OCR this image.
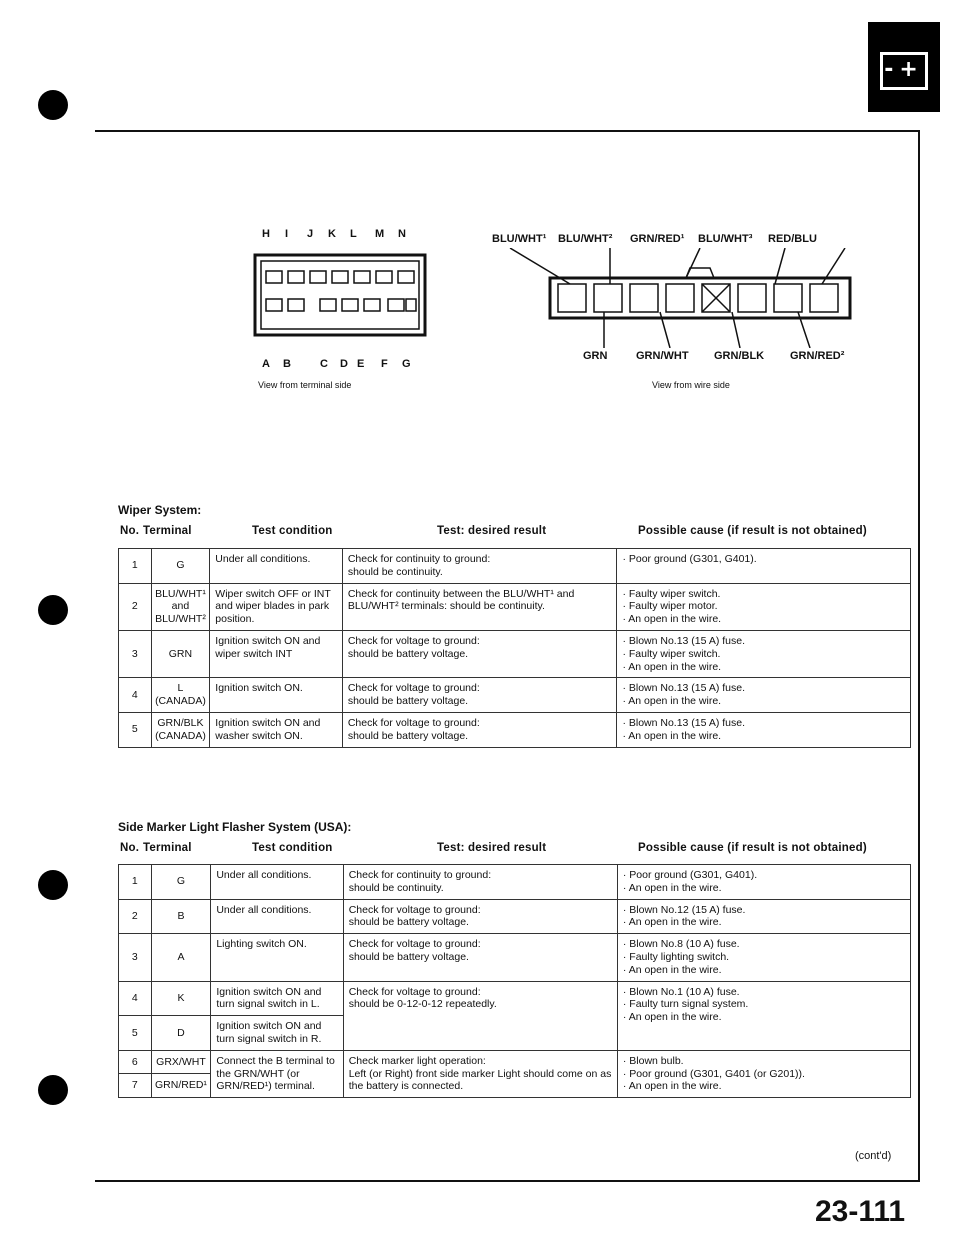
-+
H I J K L M N
A B	C D E F G
View from terminal side
BLU/WHT¹ BLU/WHT² GRN/RED¹ BLU/WHT³ RED/BLU
GRN	GRN/WHT GRN/BLK GRN/RED²
View from wire side
Wiper System:
No. Terminal	Test condition	Test: desired result	Possible cause (if result is not obtained)
1	G	Under all conditions.	Check for continuity to ground:
should be continuity.	· Poor ground (G301, G401).
2	BLU/WHT¹
and
BLU/WHT²	Wiper switch OFF or INT and wiper blades in park position.	Check for continuity between the BLU/WHT¹ and BLU/WHT² terminals: should be continuity.	· Faulty wiper switch.
· Faulty wiper motor.
· An open in the wire.
3	GRN	Ignition switch ON and wiper switch INT	Check for voltage to ground:
should be battery voltage.	· Blown No.13 (15 A) fuse.
· Faulty wiper switch.
· An open in the wire.
4	L
(CANADA)	Ignition switch ON.	Check for voltage to ground:
should be battery voltage.	· Blown No.13 (15 A) fuse.
· An open in the wire.
5	GRN/BLK
(CANADA)	Ignition switch ON and washer switch ON.	Check for voltage to ground:
should be battery voltage.	· Blown No.13 (15 A) fuse.
· An open in the wire.
Side Marker Light Flasher System (USA):
No. Terminal	Test condition	Test: desired result	Possible cause (if result is not obtained)
1	G	Under all conditions.	Check for continuity to ground:
should be continuity.	· Poor ground (G301, G401).
· An open in the wire.
2	B	Under all conditions.	Check for voltage to ground:
should be battery voltage.	· Blown No.12 (15 A) fuse.
· An open in the wire.
3	A	Lighting switch ON.	Check for voltage to ground:
should be battery voltage.	· Blown No.8 (10 A) fuse.
· Faulty lighting switch.
· An open in the wire.
4	K	Ignition switch ON and turn signal switch in L.	Check for voltage to ground:
should be 0-12-0-12 repeatedly.	· Blown No.1 (10 A) fuse.
· Faulty turn signal system.
· An open in the wire.
5	D	Ignition switch ON and turn signal switch in R.		
6	GRX/WHT	Connect the B terminal to the GRN/WHT (or GRN/RED¹) terminal.	Check marker light operation:
Left (or Right) front side marker Light should come on as the battery is connected.	· Blown bulb.
· Poor ground (G301, G401 (or G201)).
· An open in the wire.
7	GRN/RED¹			
(cont'd)
23-111
